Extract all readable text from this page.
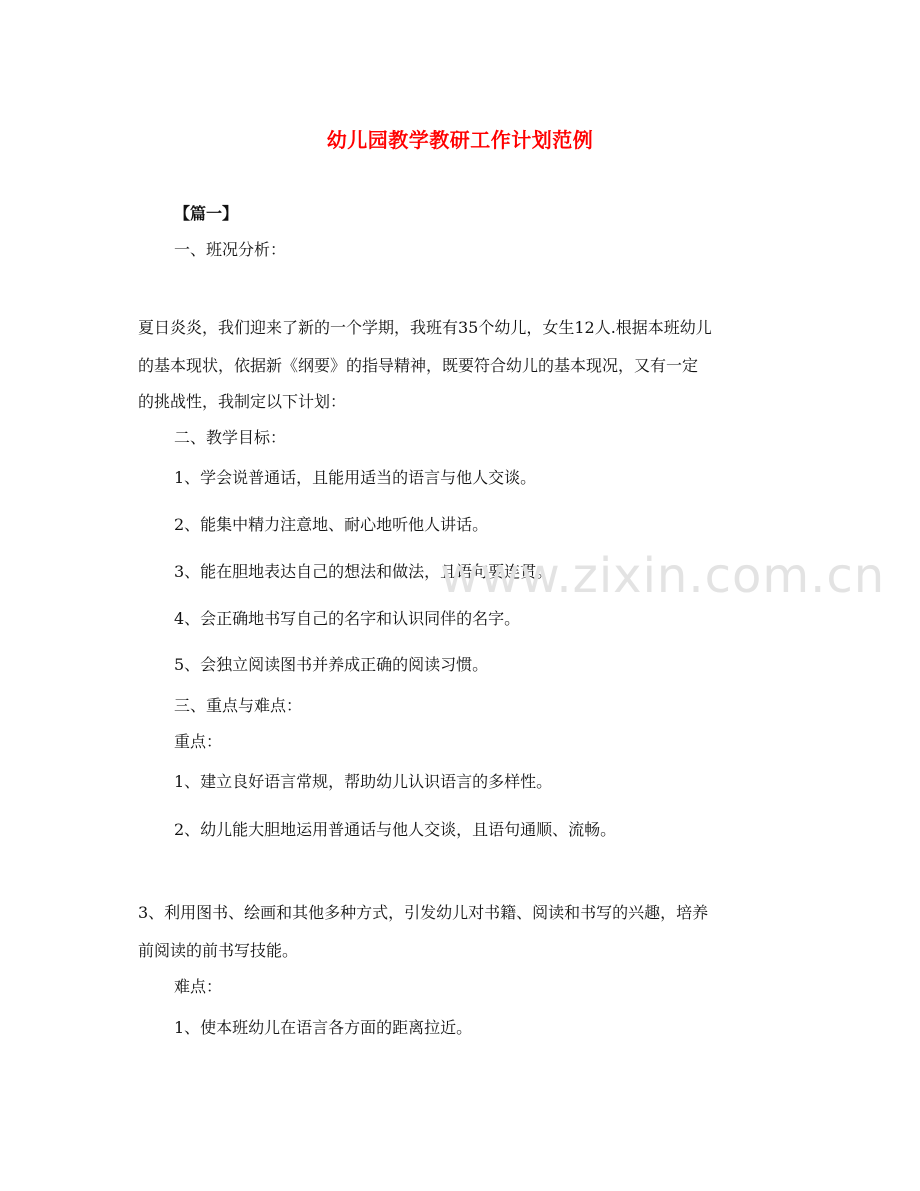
幼儿园教学教研工作计划范例
【篇一】
一、班况分析：
夏日炎炎，我们迎来了新的一个学期，我班有35个幼儿，女生12人.根据本班幼儿
的基本现状，依据新《纲要》的指导精神，既要符合幼儿的基本现况，又有一定
的挑战性，我制定以下计划：
二、教学目标：
1、学会说普通话，且能用适当的语言与他人交谈。
2、能集中精力注意地、耐心地听他人讲话。
3、能在胆地表达自己的想法和做法，且语句要连贯。
4、会正确地书写自己的名字和认识同伴的名字。
5、会独立阅读图书并养成正确的阅读习惯。
三、重点与难点：
重点：
1、建立良好语言常规，帮助幼儿认识语言的多样性。
2、幼儿能大胆地运用普通话与他人交谈，且语句通顺、流畅。
3、利用图书、绘画和其他多种方式，引发幼儿对书籍、阅读和书写的兴趣，培养
前阅读的前书写技能。
难点：
1、使本班幼儿在语言各方面的距离拉近。
www.zixin.com.cn
